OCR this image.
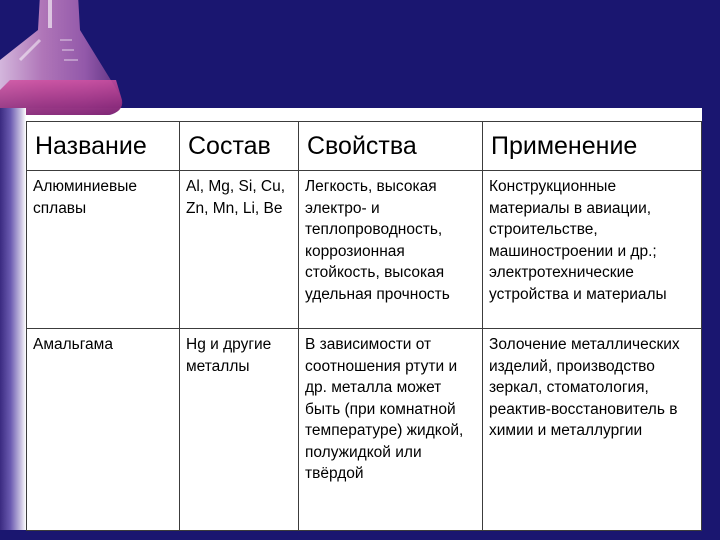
Название	Состав	Свойства	Применение
Алюминиевые сплавы	Al, Mg, Si, Cu, Zn, Mn, Li, Be	Легкость, высокая электро- и теплопроводность, коррозионная стойкость, высокая удельная прочность	Конструкционные материалы в авиации, строительстве, машиностроении и др.; электротехнические устройства и материалы
Амальгама	Hg и другие металлы	В зависимости от соотношения ртути и др. металла может быть (при комнатной температуре) жидкой, полужидкой или твёрдой	Золочение металлических изделий, производство зеркал, стоматология, реактив-восстановитель в химии и металлургии
